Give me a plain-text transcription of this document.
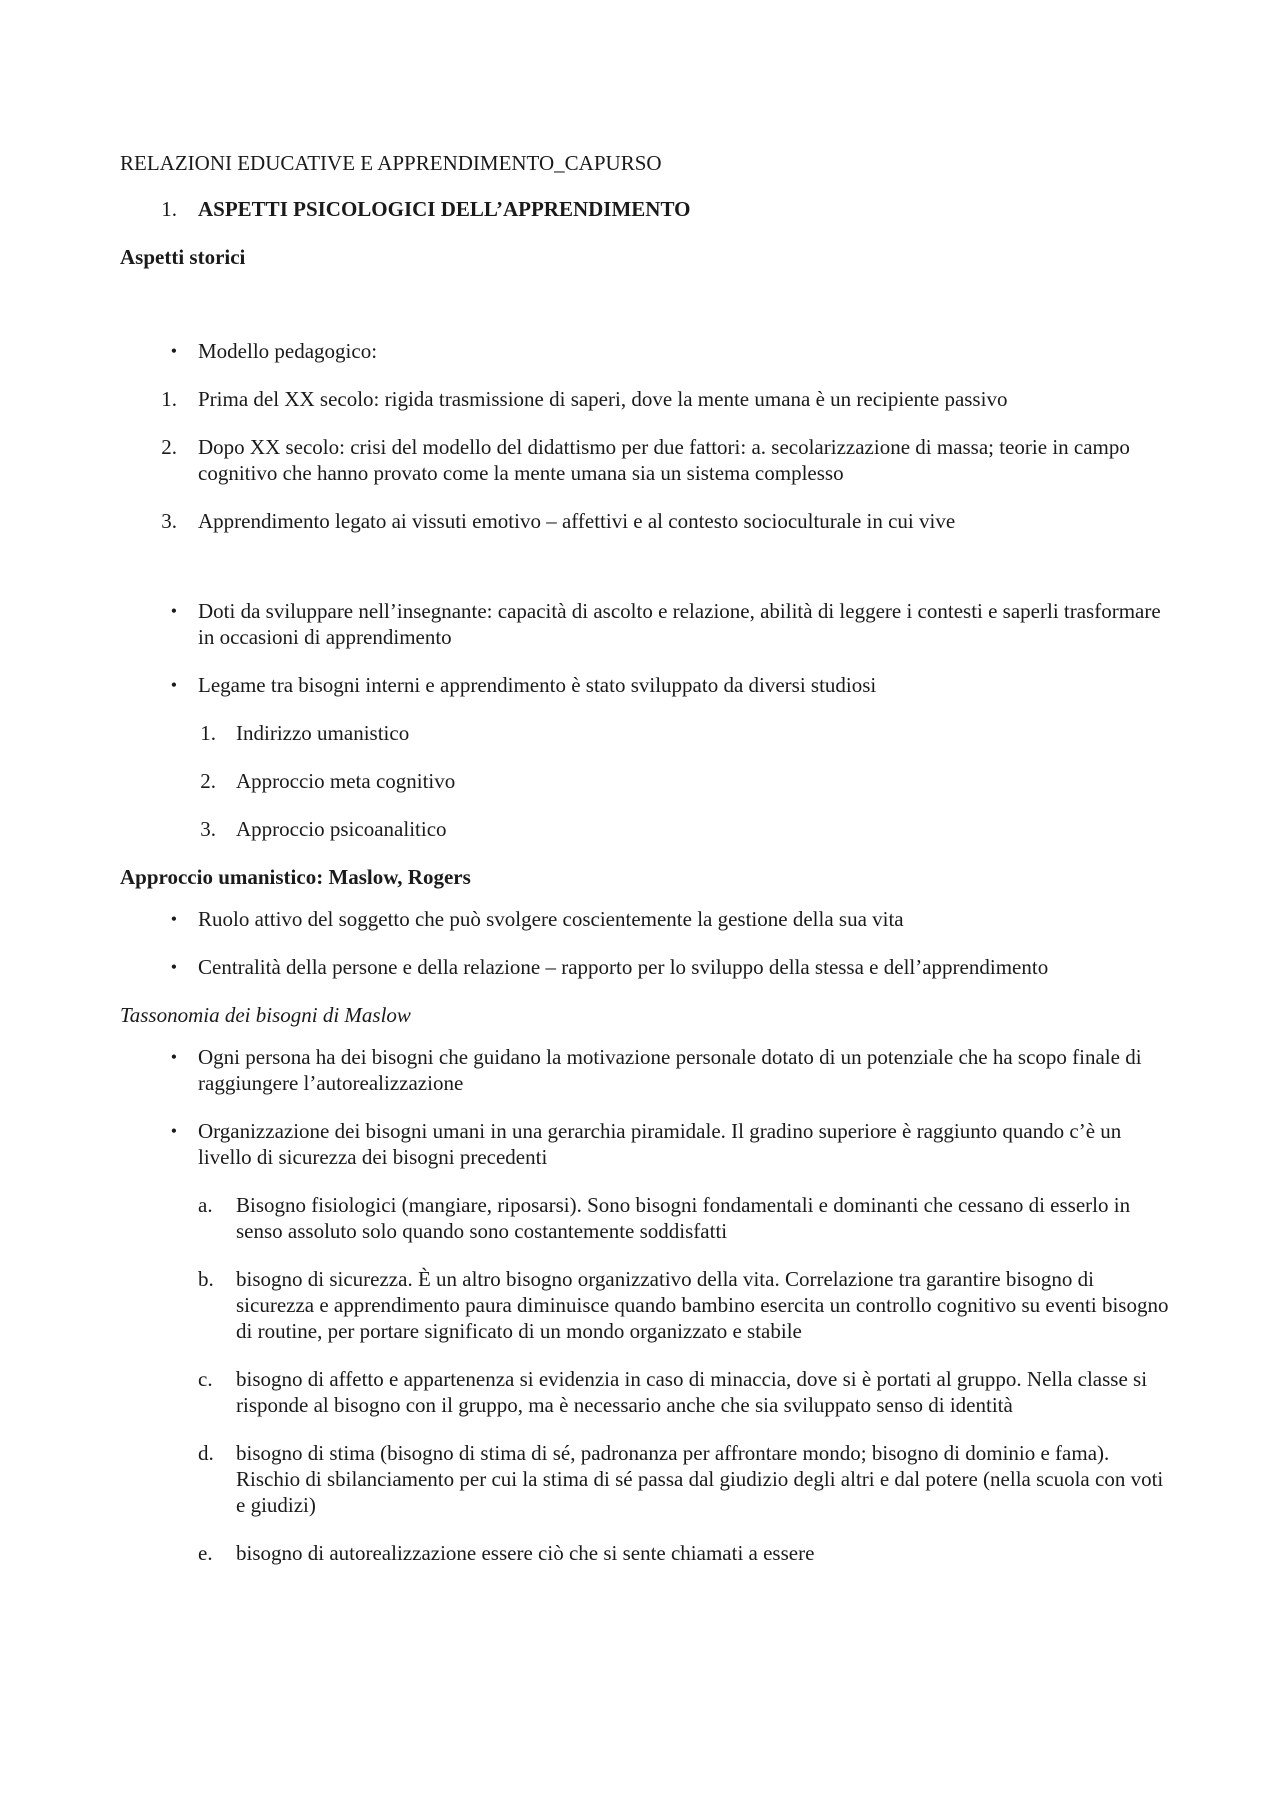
RELAZIONI EDUCATIVE E APPRENDIMENTO_CAPURSO
1.	ASPETTI PSICOLOGICI DELL’APPRENDIMENTO
Aspetti storici
•	Modello pedagogico:
1.	Prima del XX secolo: rigida trasmissione di saperi, dove la mente umana è un recipiente passivo
2.	Dopo XX secolo: crisi del modello del didattismo per due fattori: a. secolarizzazione di massa; teorie in campo cognitivo che hanno provato come la mente umana sia un sistema complesso
3.	Apprendimento legato ai vissuti emotivo – affettivi e al contesto socioculturale in cui vive
•	Doti da sviluppare nell’insegnante: capacità di ascolto e relazione, abilità di leggere i contesti e saperli trasformare in occasioni di apprendimento
•	Legame tra bisogni interni e apprendimento è stato sviluppato da diversi studiosi
1. Indirizzo umanistico
2. Approccio meta cognitivo
3. Approccio psicoanalitico
Approccio umanistico: Maslow, Rogers
•	Ruolo attivo del soggetto che può svolgere coscientemente la gestione della sua vita
•	Centralità della persone e della relazione – rapporto per lo sviluppo della stessa e dell’apprendimento
Tassonomia dei bisogni di Maslow
•	Ogni persona ha dei bisogni che guidano la motivazione personale dotato di un potenziale che ha scopo finale di raggiungere l’autorealizzazione
•	Organizzazione dei bisogni umani in una gerarchia piramidale. Il gradino superiore è raggiunto quando c’è un livello di sicurezza dei bisogni precedenti
a.	Bisogno fisiologici (mangiare, riposarsi). Sono bisogni fondamentali e dominanti che cessano di esserlo in senso assoluto solo quando sono costantemente soddisfatti
b.	bisogno di sicurezza. È un altro bisogno organizzativo della vita. Correlazione tra garantire bisogno di sicurezza e apprendimento paura diminuisce quando bambino esercita un controllo cognitivo su eventi bisogno di routine, per portare significato di un mondo organizzato e stabile
c.	bisogno di affetto e appartenenza si evidenzia in caso di minaccia, dove si è portati al gruppo. Nella classe si risponde al bisogno con il gruppo, ma è necessario anche che sia sviluppato senso di identità
d.	bisogno di stima (bisogno di stima di sé, padronanza per affrontare mondo; bisogno di dominio e fama). Rischio di sbilanciamento per cui la stima di sé passa dal giudizio degli altri e dal potere (nella scuola con voti e giudizi)
e.	bisogno di autorealizzazione essere ciò che si sente chiamati a essere
